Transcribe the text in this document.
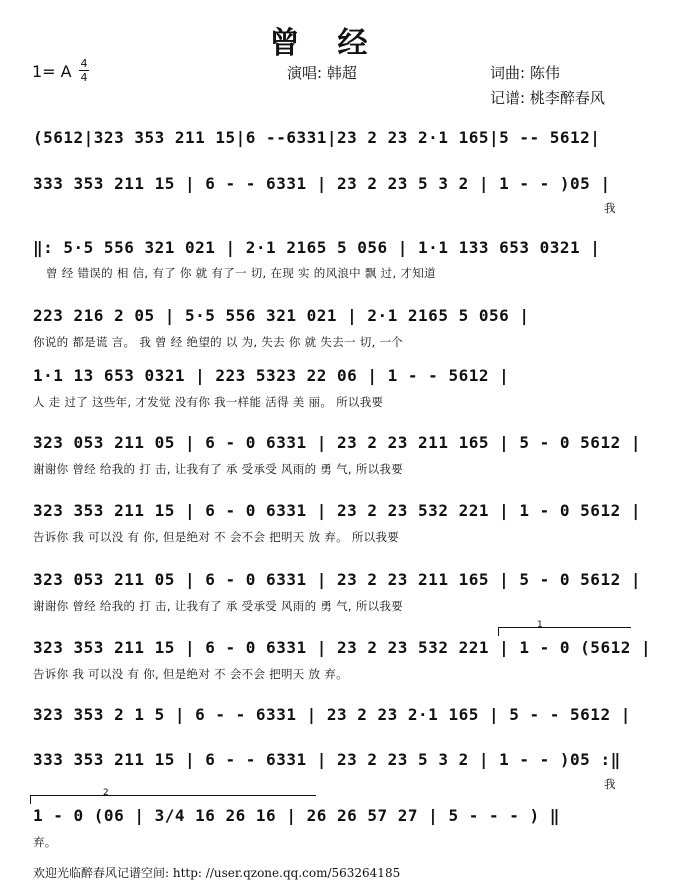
曾经
1= A 4
4	演唱: 韩超	词曲: 陈伟
记谱: 桃李醉春风
(5612|323 353 211 15|6 --6331|23 2 23 2·1 165|5 -- 5612|
333 353 211 15 | 6 - - 6331 | 23 2 23 5 3 2 | 1 - - )05 |
我
‖: 5·5 556 321 021 | 2·1 2165 5 056 | 1·1 133 653 0321 |
曾 经 错误的 相 信, 有了 你 就 有了一 切, 在现 实 的风浪中 飘 过, 才知道
223 216 2 05 | 5·5 556 321 021 | 2·1 2165 5 056 |
你说的 都是谎 言。 我 曾 经 绝望的 以 为, 失去 你 就 失去一 切, 一个
1·1 13 653 0321 | 223 5323 22 06 | 1 - - 5612 |
人 走 过了 这些年, 才发觉 没有你 我一样能 活得 美 丽。 所以我要
323 053 211 05 | 6 - 0 6331 | 23 2 23 211 165 | 5 - 0 5612 |
谢谢你 曾经 给我的 打 击, 让我有了 承 受承受 风雨的 勇 气, 所以我要
323 353 211 15 | 6 - 0 6331 | 23 2 23 532 221 | 1 - 0 5612 |
告诉你 我 可以没 有 你, 但是绝对 不 会不会 把明天 放 弃。 所以我要
323 053 211 05 | 6 - 0 6331 | 23 2 23 211 165 | 5 - 0 5612 |
谢谢你 曾经 给我的 打 击, 让我有了 承 受承受 风雨的 勇 气, 所以我要
1
323 353 211 15 | 6 - 0 6331 | 23 2 23 532 221 | 1 - 0 (5612 |
告诉你 我 可以没 有 你, 但是绝对 不 会不会 把明天 放 弃。
323 353 2 1 5 | 6 - - 6331 | 23 2 23 2·1 165 | 5 - - 5612 |
333 353 211 15 | 6 - - 6331 | 23 2 23 5 3 2 | 1 - - )05 :‖
我
2
1 - 0 (06 | 3/4 16 26 16 | 26 26 57 27 | 5 - - - ) ‖
弃。
欢迎光临醉春风记谱空间: http: //user.qzone.qq.com/563264185
